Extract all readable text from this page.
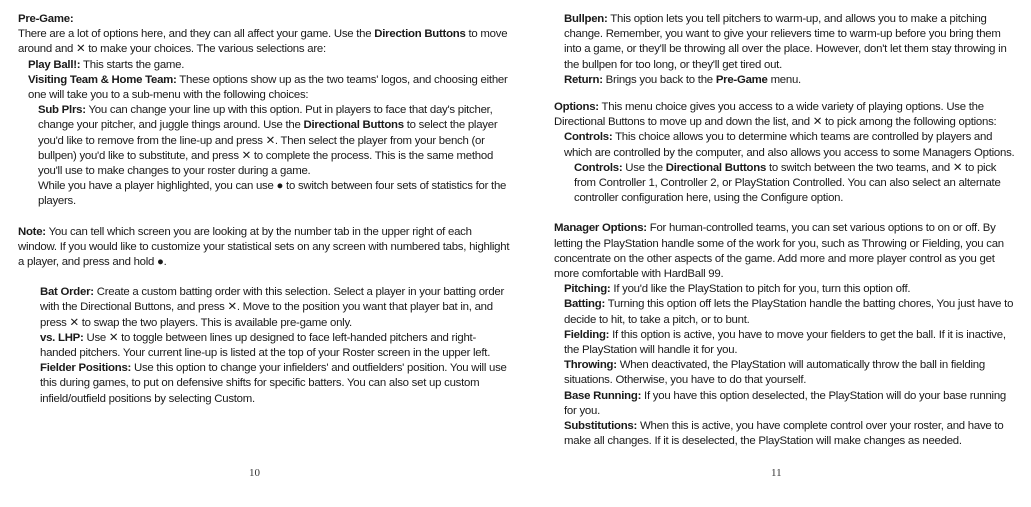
Pre-Game:

There are a lot of options here, and they can all affect your game. Use the Direction Buttons to move around and ✕ to make your choices. The various selections are:

Play Ball!: This starts the game.

Visiting Team & Home Team: These options show up as the two teams' logos, and choosing either one will take you to a sub-menu with the following choices:

Sub Plrs: You can change your line up with this option. Put in players to face that day's pitcher, change your pitcher, and juggle things around. Use the Directional Buttons to select the player you'd like to remove from the line-up and press ✕. Then select the player from your bench (or bullpen) you'd like to substitute, and press ✕ to complete the process. This is the same method you'll use to make changes to your roster during a game.

While you have a player highlighted, you can use ● to switch between four sets of statistics for the players.

Note: You can tell which screen you are looking at by the number tab in the upper right of each window. If you would like to customize your statistical sets on any screen with numbered tabs, highlight a player, and press and hold ●.

Bat Order: Create a custom batting order with this selection. Select a player in your batting order with the Directional Buttons, and press ✕. Move to the position you want that player bat in, and press ✕ to swap the two players. This is available pre-game only.

vs. LHP: Use ✕ to toggle between lines up designed to face left-handed pitchers and right-handed pitchers. Your current line-up is listed at the top of your Roster screen in the upper left.

Fielder Positions: Use this option to change your infielders' and outfielders' position. You will use this during games, to put on defensive shifts for specific batters. You can also set up custom infield/outfield positions by selecting Custom.

Bullpen: This option lets you tell pitchers to warm-up, and allows you to make a pitching change. Remember, you want to give your relievers time to warm-up before you bring them into a game, or they'll be throwing all over the place. However, don't let them stay throwing in the bullpen for too long, or they'll get tired out.

Return: Brings you back to the Pre-Game menu.

Options: This menu choice gives you access to a wide variety of playing options. Use the Directional Buttons to move up and down the list, and ✕ to pick among the following options:

Controls: This choice allows you to determine which teams are controlled by players and which are controlled by the computer, and also allows you access to some Managers Options.

Controls: Use the Directional Buttons to switch between the two teams, and ✕ to pick from Controller 1, Controller 2, or PlayStation Controlled. You can also select an alternate controller configuration here, using the Configure option.

Manager Options: For human-controlled teams, you can set various options to on or off. By letting the PlayStation handle some of the work for you, such as Throwing or Fielding, you can concentrate on the other aspects of the game. Add more and more player control as you get more comfortable with HardBall 99.

Pitching: If you'd like the PlayStation to pitch for you, turn this option off.

Batting: Turning this option off lets the PlayStation handle the batting chores, You just have to decide to hit, to take a pitch, or to bunt.

Fielding: If this option is active, you have to move your fielders to get the ball. If it is inactive, the PlayStation will handle it for you.

Throwing: When deactivated, the PlayStation will automatically throw the ball in fielding situations. Otherwise, you have to do that yourself.

Base Running: If you have this option deselected, the PlayStation will do your base running for you.

Substitutions: When this is active, you have complete control over your roster, and have to make all changes. If it is deselected, the PlayStation will make changes as needed.

10	11
